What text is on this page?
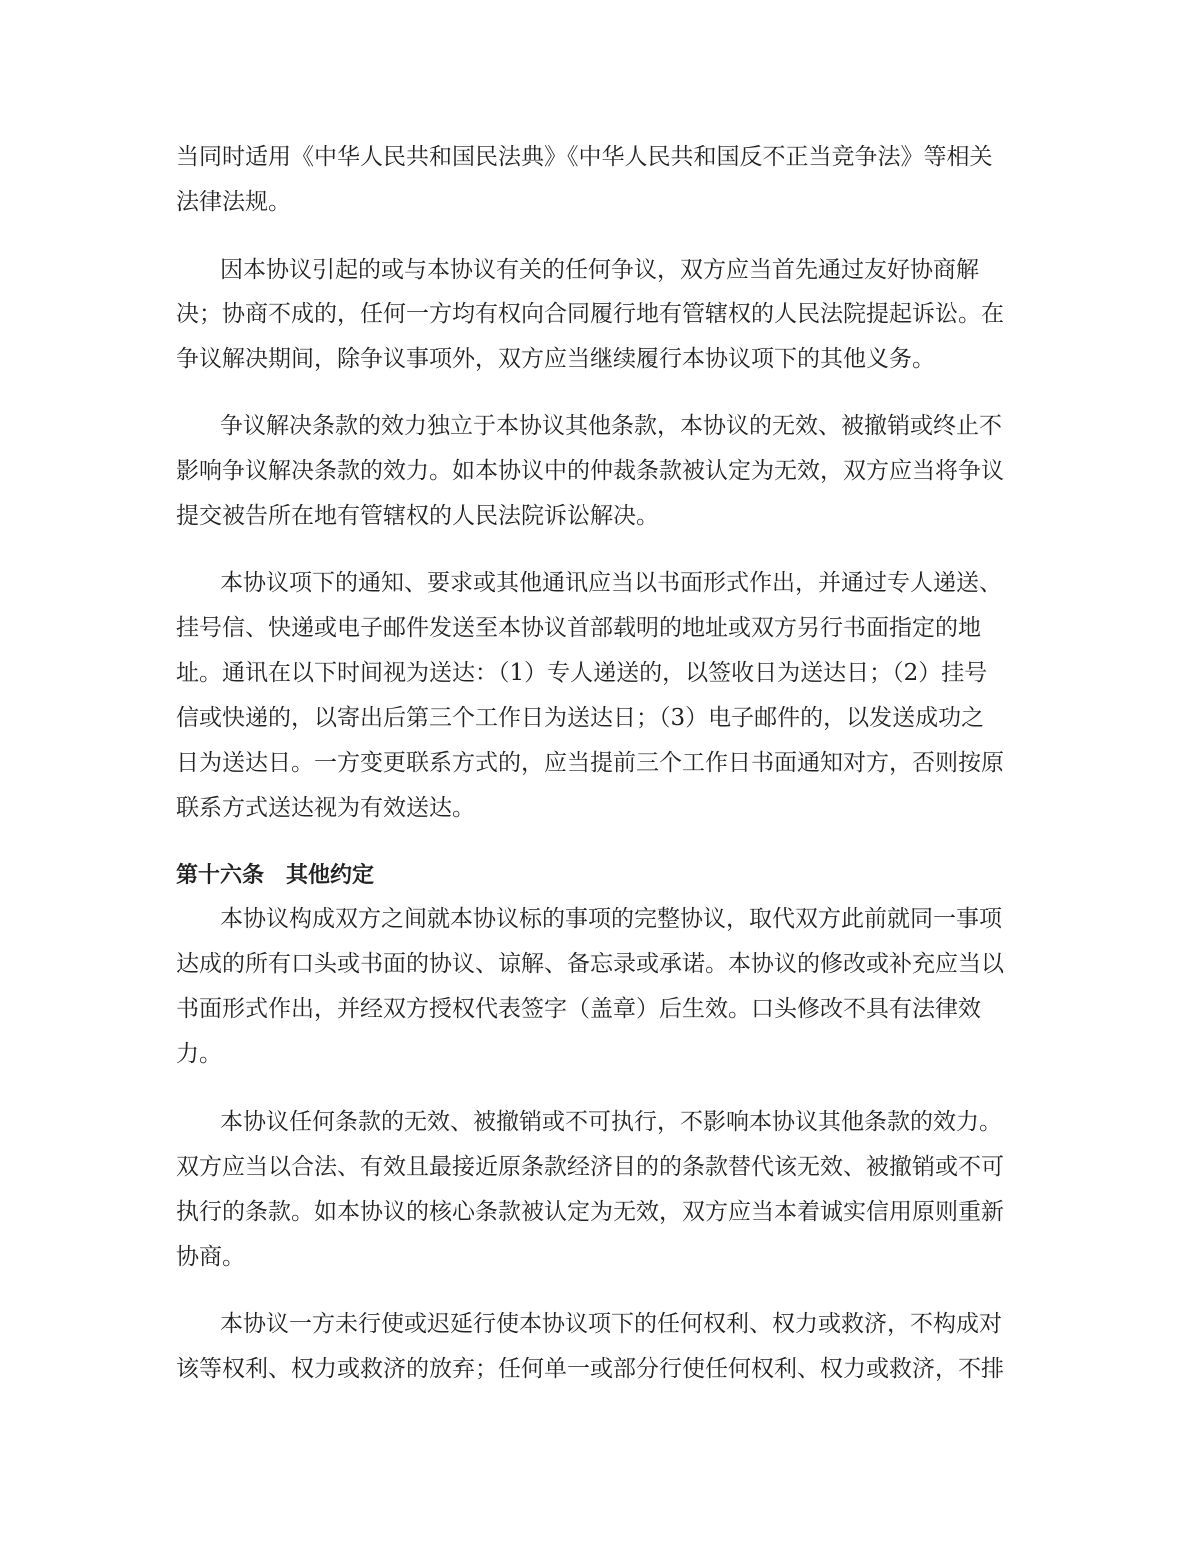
当同时适用《中华人民共和国民法典》《中华人民共和国反不正当竞争法》等相关
法律法规。
因本协议引起的或与本协议有关的任何争议，双方应当首先通过友好协商解
决；协商不成的，任何一方均有权向合同履行地有管辖权的人民法院提起诉讼。在
争议解决期间，除争议事项外，双方应当继续履行本协议项下的其他义务。
争议解决条款的效力独立于本协议其他条款，本协议的无效、被撤销或终止不
影响争议解决条款的效力。如本协议中的仲裁条款被认定为无效，双方应当将争议
提交被告所在地有管辖权的人民法院诉讼解决。
本协议项下的通知、要求或其他通讯应当以书面形式作出，并通过专人递送、
挂号信、快递或电子邮件发送至本协议首部载明的地址或双方另行书面指定的地
址。通讯在以下时间视为送达：（1）专人递送的，以签收日为送达日；（2）挂号
信或快递的，以寄出后第三个工作日为送达日；（3）电子邮件的，以发送成功之
日为送达日。一方变更联系方式的，应当提前三个工作日书面通知对方，否则按原
联系方式送达视为有效送达。
第十六条　其他约定
本协议构成双方之间就本协议标的事项的完整协议，取代双方此前就同一事项
达成的所有口头或书面的协议、谅解、备忘录或承诺。本协议的修改或补充应当以
书面形式作出，并经双方授权代表签字（盖章）后生效。口头修改不具有法律效
力。
本协议任何条款的无效、被撤销或不可执行，不影响本协议其他条款的效力。
双方应当以合法、有效且最接近原条款经济目的的条款替代该无效、被撤销或不可
执行的条款。如本协议的核心条款被认定为无效，双方应当本着诚实信用原则重新
协商。
本协议一方未行使或迟延行使本协议项下的任何权利、权力或救济，不构成对
该等权利、权力或救济的放弃；任何单一或部分行使任何权利、权力或救济，不排
